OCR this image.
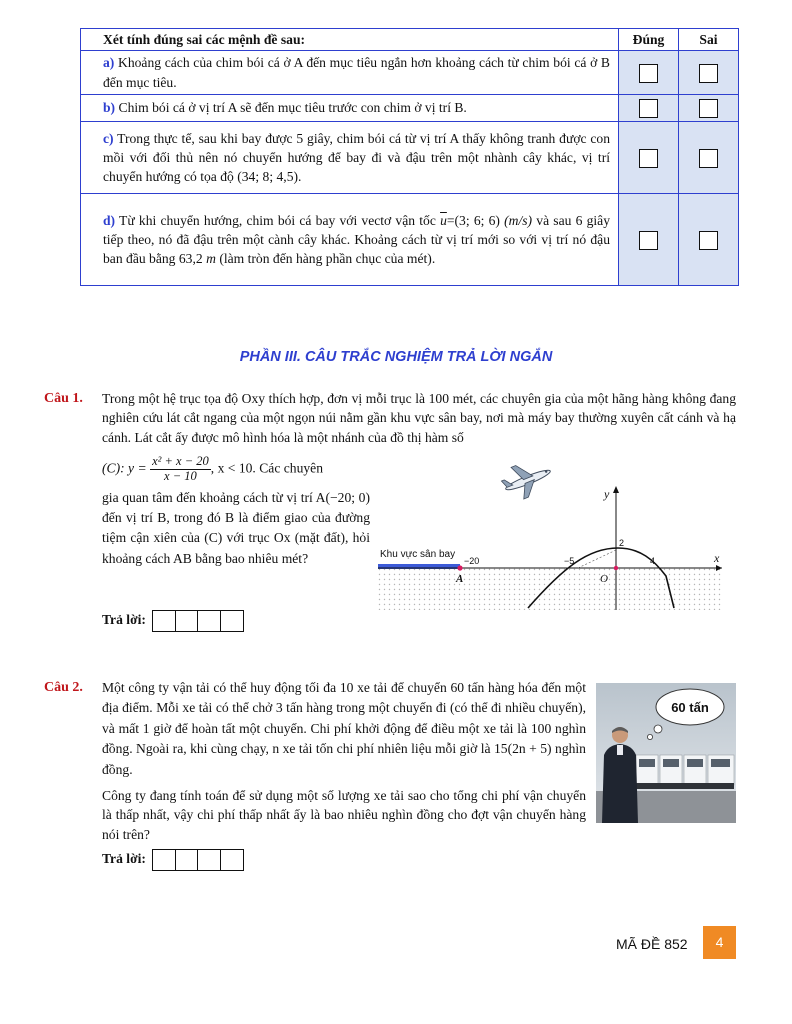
Xét tính đúng sai các mệnh đề sau:	Đúng	Sai
a) Khoảng cách của chim bói cá ở A đến mục tiêu ngắn hơn khoảng cách từ chim bói cá ở B đến mục tiêu.		
b) Chim bói cá ở vị trí A sẽ đến mục tiêu trước con chim ở vị trí B.		
c) Trong thực tế, sau khi bay được 5 giây, chim bói cá từ vị trí A thấy không tranh được con mồi với đối thủ nên nó chuyển hướng để bay đi và đậu trên một nhành cây khác, vị trí chuyển hướng có tọa độ (34; 8; 4,5).		
d) Từ khi chuyển hướng, chim bói cá bay với vectơ vận tốc $\overline{u}=(3$; 6; 6) (m/s) và sau 6 giây tiếp theo, nó đã đậu trên một cành cây khác. Khoảng cách từ vị trí mới so với vị trí nó đậu ban đầu bằng 63,2 m (làm tròn đến hàng phần chục của mét).		
PHẦN III. CÂU TRẮC NGHIỆM TRẢ LỜI NGẮN
Câu 1. Trong một hệ trục tọa độ Oxy thích hợp, đơn vị mỗi trục là 100 mét, các chuyên gia của một hãng hàng không đang nghiên cứu lát cắt ngang của một ngọn núi nằm gần khu vực sân bay, nơi mà máy bay thường xuyên cất cánh và hạ cánh. Lát cắt ấy được mô hình hóa là một nhánh của đồ thị hàm số
(C): $y = \frac{\text{x² + x − 20}}{x - 10}$ , x < 10. Các chuyên
gia quan tâm đến khoảng cách từ vị trí A(−20; 0) đến vị trí B, trong đó B là điểm giao của đường tiệm cận xiên của (C) với trục Ox (mặt đất), hỏi khoảng cách AB bằng bao nhiêu mét?
Trả lời:
Khu vực sân bay
y
x
O
−20	−5	4
2
A
Câu 2. Một công ty vận tải có thể huy động tối đa 10 xe tải để chuyển 60 tấn hàng hóa đến một địa điểm. Mỗi xe tải có thể chở 3 tấn hàng trong một chuyến đi (có thể đi nhiều chuyến), và mất 1 giờ để hoàn tất một chuyến. Chi phí khởi động để điều một xe tải là 100 nghìn đồng. Ngoài ra, khi cùng chạy, n xe tải tốn chi phí nhiên liệu mỗi giờ là 15(2n + 5) nghìn đồng.
Công ty đang tính toán để sử dụng một số lượng xe tải sao cho tổng chi phí vận chuyển là thấp nhất, vậy chi phí thấp nhất ấy là bao nhiêu nghìn đồng cho đợt vận chuyển hàng nói trên?
Trả lời:
60 tấn
MÃ ĐỀ 852	4
